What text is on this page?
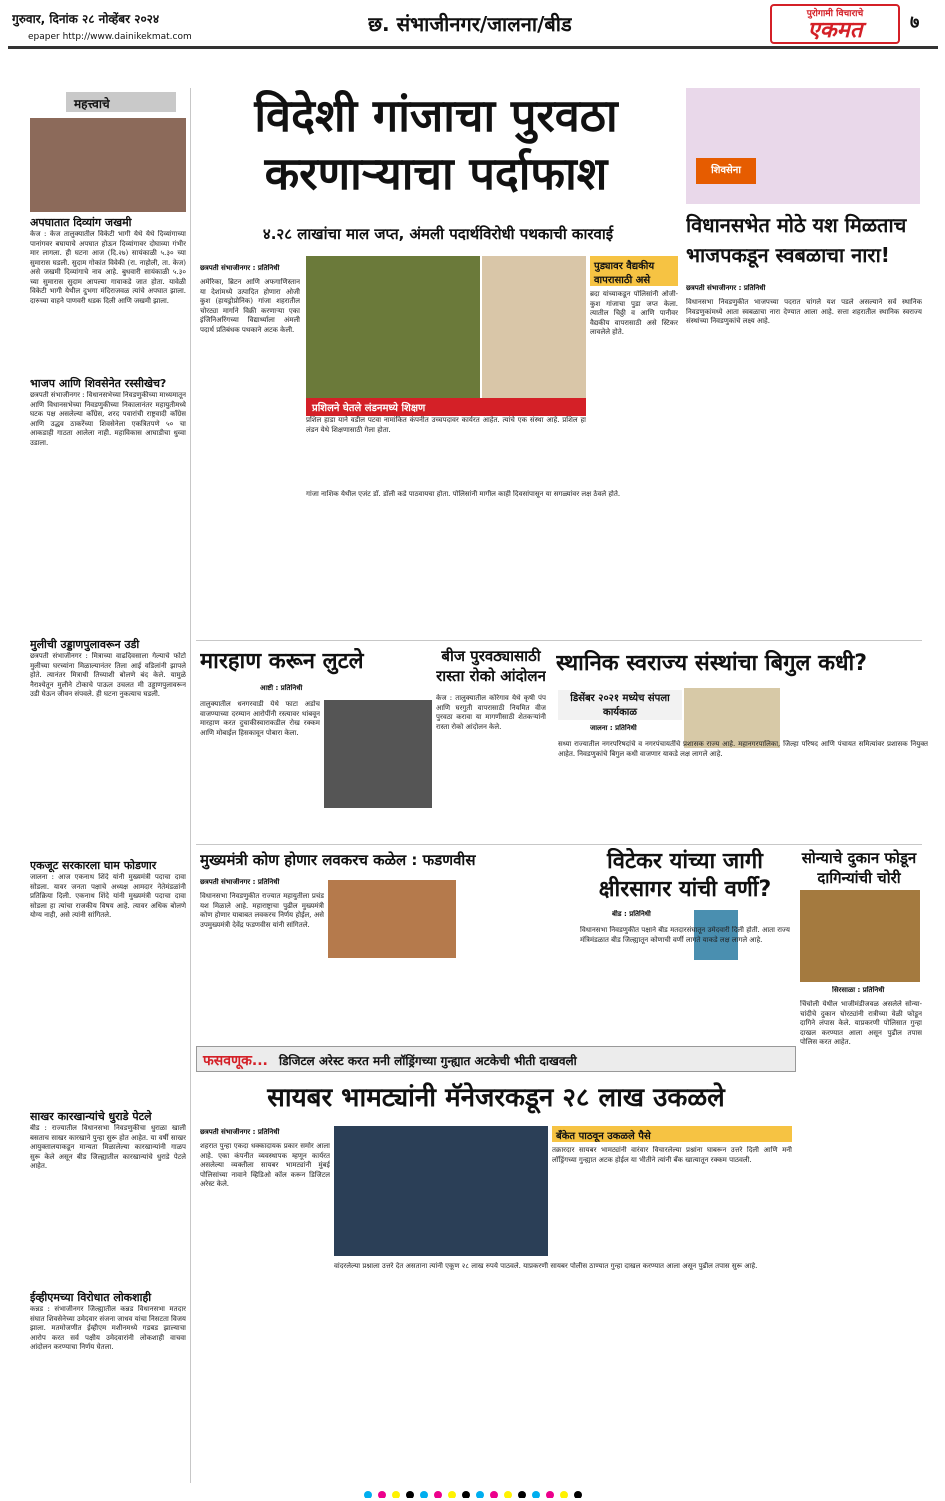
गुरुवार, दिनांक २८ नोव्हेंबर २०२४
epaper http://www.dainikekmat.com
छ. संभाजीनगर/जालना/बीड	पुरोगामी विचाराचे
एकमत	७
महत्त्वाचे
अपघातात दिव्यांग जखमी
केज : केज तालुक्यातील विकेटी भागी येथे येथे दिव्यांगाच्या पानांगवर बघायाचे अपघात होऊन दिव्यांगावर दोघाव्या गंभीर मार लागला. ही घटना आज (दि.२७) सायंकाळी ५.३० च्या सुमारास घडली. सुदाम गोकांत विवेकी (रा. नाहोली, ता. केज) असे जखमी दिव्यांगाचे नाव आहे. बुधवारी सायंकाळी ५.३० च्या सुमारास सुदाम आपल्या गावाकडे जात होता. यावेळी विकेटी भागी येथील दुभगा मंदिराजवळ त्यांचे अपघात झाला. दारुच्या वाहने पाणवरी धडक दिली आणि जखमी झाला.
भाजप आणि शिवसेनेत रस्सीखेच?
छत्रपती संभाजीनगर : विधानसभेच्या निवडणुकीच्या माध्यमातून आणि विधानसभेच्या निवडणुकीच्या निकालानंतर महायुतीमध्ये घटक पक्ष असलेल्या काँग्रेस, शरद पवारांची राष्ट्रवादी काँग्रेस आणि उद्धव ठाकरेंच्या शिवसेनेला एकत्रितपणे ५० चा आकडाही गाठता आलेला नाही. महाविकास आघाडीचा धुव्वा उडाला.
मुलीची उड्डाणपुलावरून उडी
छत्रपती संभाजीनगर : मित्राच्या वाढदिवसाला गेल्याचे फोटो मुलीच्या घरच्यांना मिळाल्यानंतर तिला आई वडिलांनी झापले होते. त्यानंतर मित्राची तिच्याशी बोलणे बंद केले. यामुळे नैराश्येतून मुलीने टोकाचे पाऊल उचलत मी उड्डाणपुलावरून उडी घेऊन जीवन संपवले. ही घटना नुकत्याच घडली.
एकजूट सरकारला घाम फोडणार
जालना : आज एकनाथ शिंदे यांनी मुख्यमंत्री पदाचा दावा सोडला. यावर जनता पक्षाचे अध्यक्ष आमदार नेतेमंडळांनी प्रतिक्रिया दिली. एकनाथ शिंदे यांनी मुख्यमंत्री पदाचा दावा सोडला हा त्यांचा राजकीय विषय आहे. त्यावर अधिक बोलणे योग्य नाही, असे त्यांनी सांगितले.
साखर कारखान्यांचे धुराडे पेटले
बीड : राज्यातील विधानसभा निवडणुकीचा धुराळा खाली बसताच साखर कारखाने पुन्हा सुरू होत आहेत. या वर्षी साखर आयुक्तालयाकडून मान्यता मिळालेल्या कारखान्यांनी गाळप सुरू केले असून बीड जिल्ह्यातील कारखान्यांचे धुराडे पेटले आहेत.
ईव्हीएमच्या विरोधात लोकशाही
कन्नड : संभाजीनगर जिल्ह्यातील कन्नड विधानसभा मतदार संघात शिवसेनेच्या उमेदवार संजना जाधव यांचा निसटता विजय झाला. मतमोजणीत ईव्हीएम मशीनमध्ये गडबड झाल्याचा आरोप करत सर्व पक्षीय उमेदवारांनी लोकशाही वाचवा आंदोलन करण्याचा निर्णय घेतला.
विदेशी गांजाचा पुरवठा
करणाऱ्याचा पर्दाफाश
४.२८ लाखांचा माल जप्त, अंमली पदार्थविरोधी पथकाची कारवाई
छत्रपती संभाजीनगर : प्रतिनिधी
अमेरिका, ब्रिटन आणि अफगाणिस्तान या देशांमध्ये उत्पादित होणारा ओजी कुश (हायड्रोप्रोनिक) गांजा शहरातील चोरट्या मार्गाने विक्री करणाऱ्या एका इंजिनिअरिंगच्या विद्यार्थ्याला अंमली पदार्थ प्रतिबंधक पथकाने अटक केली.
प्रशिलने घेतले लंडनमध्ये शिक्षण
प्रशिल हाडा याने वडील पटवा नामांकित कंपनीत उच्चपदावर कार्यरत आहेत. त्यांचे एक संस्था आहे. प्रशिल हा लंडन येथे शिक्षणासाठी गेला होता.
पुड्यावर वैद्यकीय वापरासाठी असे
ब्रदा यांच्याकडून पोलिसांनी ओजी-कुश गांजाचा पुडा जप्त केला. त्यातील चिठ्ठी व आणि पानीवर वैद्यकीय वापरासाठी असे स्टिकर लावलेले होते.
गांजा नाशिक येथील एजंट डॉ. डॉली कडे पाठवायचा होता. पोलिसांनी मागील काही दिवसांपासून या सगळ्यांवर लक्ष ठेवले होते.
शिवसेना
विधानसभेत मोठे यश मिळताच भाजपकडून स्वबळाचा नारा!
छत्रपती संभाजीनगर : प्रतिनिधी
विधानसभा निवडणुकीत भाजपच्या पदरात चांगले यश पडले असल्याने सर्व स्थानिक निवडणुकांमध्ये आता स्वबळाचा नारा देण्यात आला आहे. सत्ता शहरातील स्थानिक स्वराज्य संस्थांच्या निवडणुकांचे लक्ष्य आहे.
मारहाण करून लुटले
आष्टी : प्रतिनिधी
तालुक्यातील धनगरवाडी येथे फाटा अडोच वाजण्याच्या दरम्यान आरोपींनी रस्त्यावर थांबवून मारहाण करत दुचाकीस्वाराकडील रोख रक्कम आणि मोबाईल हिसकावून पोबारा केला.
बीज पुरवठ्यासाठी रास्ता रोको आंदोलन
केज : तालुक्यातील कोरेगाव येथे कृषी पंप आणि घरगुती वापरासाठी नियमित वीज पुरवठा करावा या मागणीसाठी शेतकऱ्यांनी रास्ता रोको आंदोलन केले.
स्थानिक स्वराज्य संस्थांचा बिगुल कधी?
डिसेंबर २०२१ मध्येच संपला कार्यकाळ
जालना : प्रतिनिधी
सध्या राज्यातील नगरपरिषदांचे व नगरपंचायतींचे प्रशासक राज्य आहे. महानगरपालिका, जिल्हा परिषद आणि पंचायत समित्यांवर प्रशासक नियुक्त आहेत. निवडणुकांचे बिगुल कधी वाजणार याकडे लक्ष लागले आहे.
मुख्यमंत्री कोण होणार लवकरच कळेल : फडणवीस
छत्रपती संभाजीनगर : प्रतिनिधी
विधानसभा निवडणुकीत राज्यात महायुतीला प्रचंड यश मिळाले आहे. महाराष्ट्राचा पुढील मुख्यमंत्री कोण होणार याबाबत लवकरच निर्णय होईल, असे उपमुख्यमंत्री देवेंद्र फडणवीस यांनी सांगितले.
विटेकर यांच्या जागी क्षीरसागर यांची वर्णी?
बीड : प्रतिनिधी
विधानसभा निवडणुकीत पक्षाने बीड मतदारसंघातून उमेदवारी दिली होती. आता राज्य मंत्रिमंडळात बीड जिल्ह्यातून कोणाची वर्णी लागते याकडे लक्ष लागले आहे.
सोन्याचे दुकान फोडून दागिन्यांची चोरी
सिरसाळा : प्रतिनिधी
चिंचोली येथील भाजीमंडीजवळ असलेले सोन्या-चांदीचे दुकान चोरट्यांनी रात्रीच्या वेळी फोडून दागिने लंपास केले. याप्रकरणी पोलिसात गुन्हा दाखल करण्यात आला असून पुढील तपास पोलिस करत आहेत.
फसवणूक... डिजिटल अरेस्ट करत मनी लॉड्रिंगच्या गुन्ह्यात अटकेची भीती दाखवली
सायबर भामट्यांनी मॅनेजरकडून २८ लाख उकळले
छत्रपती संभाजीनगर : प्रतिनिधी
शहरात पुन्हा एकदा धक्कादायक प्रकार समोर आला आहे. एका कंपनीत व्यवस्थापक म्हणून कार्यरत असलेल्या व्यक्तीला सायबर भामट्यांनी मुंबई पोलिसांच्या नावाने व्हिडिओ कॉल करून डिजिटल अरेस्ट केले.
बँकेत पाठवून उकळले पैसे
तक्रारदार सायबर भामट्यांनी वारंवार विचारलेल्या प्रश्नांना घाबरून उत्तरे दिली आणि मनी लॉड्रिंगच्या गुन्ह्यात अटक होईल या भीतीने त्यांनी बँक खात्यातून रक्कम पाठवली.
वांदरलेल्या प्रश्नाला उत्तरे देत असताना त्यांनी एकूण २८ लाख रुपये पाठवले. याप्रकरणी सायबर पोलीस ठाण्यात गुन्हा दाखल करण्यात आला असून पुढील तपास सुरू आहे.
